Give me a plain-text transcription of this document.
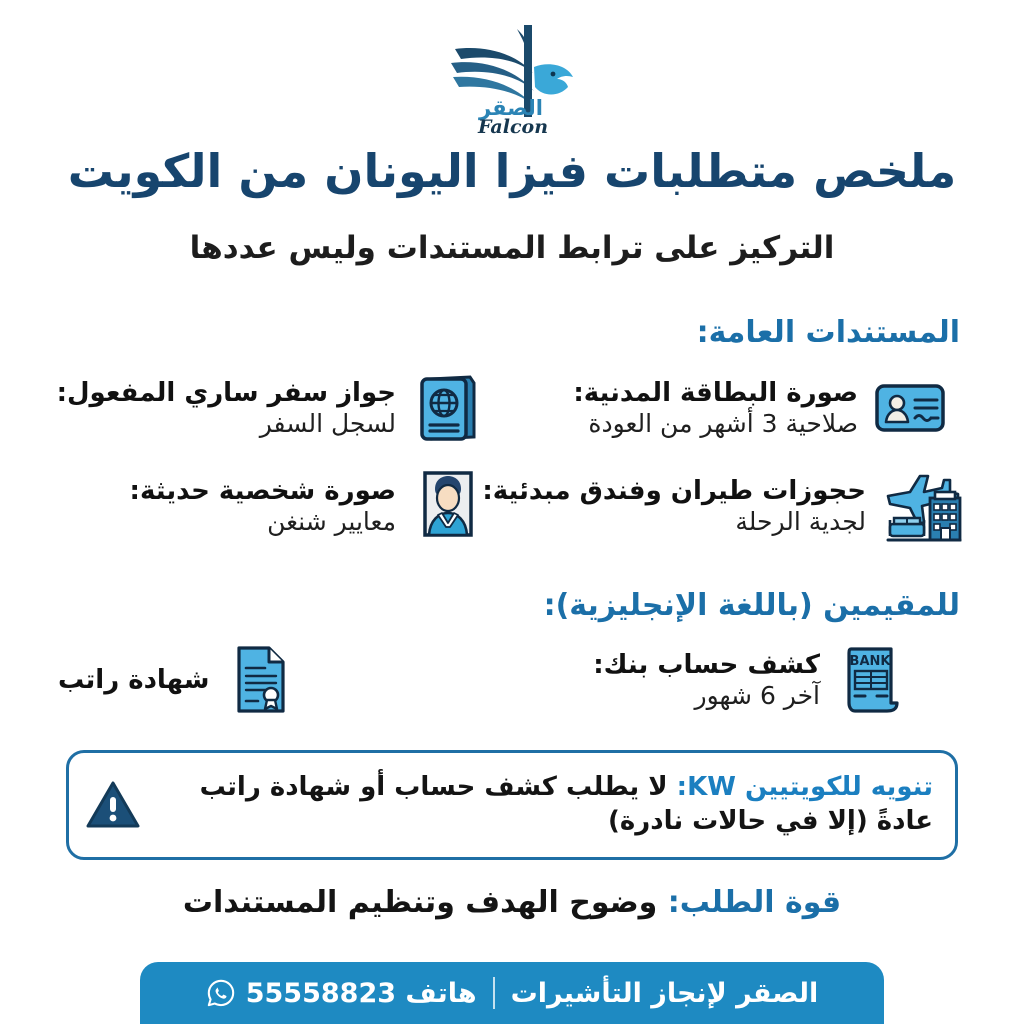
الصقر
Falcon
ملخص متطلبات فيزا اليونان من الكويت
التركيز على ترابط المستندات وليس عددها
المستندات العامة:
صورة البطاقة المدنية:
صلاحية 3 أشهر من العودة
جواز سفر ساري المفعول:
لسجل السفر
حجوزات طيران وفندق مبدئية:
لجدية الرحلة
صورة شخصية حديثة:
معايير شنغن
للمقيمين (باللغة الإنجليزية):
BANK
كشف حساب بنك:
آخر 6 شهور
شهادة راتب
تنويه للكويتيين KW: لا يطلب كشف حساب أو شهادة راتب عادةً (إلا في حالات نادرة)
قوة الطلب: وضوح الهدف وتنظيم المستندات
الصقر لإنجاز التأشيرات
هاتف 55558823
